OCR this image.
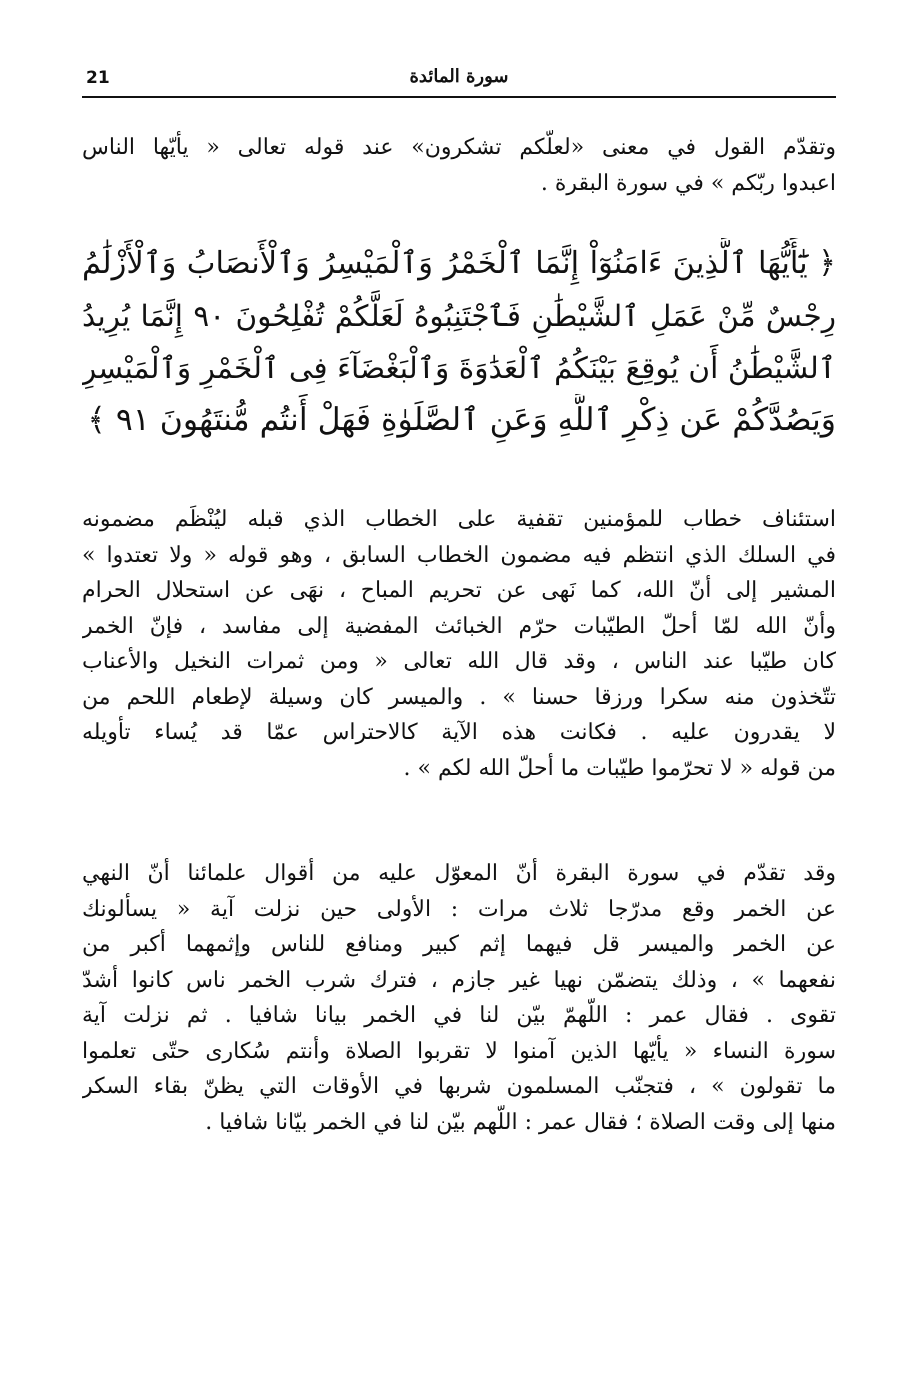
21	سورة المائدة
وتقدّم القول في معنى «لعلّكم تشكرون» عند قوله تعالى « يأيّها الناس
اعبدوا ربّكم » في سورة البقرة .
﴿ يَٰٓأَيُّهَا ٱلَّذِينَ ءَامَنُوٓاْ إِنَّمَا ٱلْخَمْرُ وَٱلْمَيْسِرُ وَٱلْأَنصَابُ وَٱلْأَزْلَٰمُ
رِجْسٌ مِّنْ عَمَلِ ٱلشَّيْطَٰنِ فَٱجْتَنِبُوهُ لَعَلَّكُمْ تُفْلِحُونَ ٩٠ إِنَّمَا يُرِيدُ
ٱلشَّيْطَٰنُ أَن يُوقِعَ بَيْنَكُمُ ٱلْعَدَٰوَةَ وَٱلْبَغْضَآءَ فِى ٱلْخَمْرِ وَٱلْمَيْسِرِ
وَيَصُدَّكُمْ عَن ذِكْرِ ٱللَّهِ وَعَنِ ٱلصَّلَوٰةِ فَهَلْ أَنتُم مُّنتَهُونَ ٩١ ﴾
استئناف خطاب للمؤمنين تقفية على الخطاب الذي قبله ليُنْظَم مضمونه
في السلك الذي انتظم فيه مضمون الخطاب السابق ، وهو قوله « ولا تعتدوا »
المشير إلى أنّ الله، كما نَهى عن تحريم المباح ، نهَى عن استحلال الحرام
وأنّ الله لمّا أحلّ الطيّبات حرّم الخبائث المفضية إلى مفاسد ، فإنّ الخمر
كان طيّبا عند الناس ، وقد قال الله تعالى « ومن ثمرات النخيل والأعناب
تتّخذون منه سكرا ورزقا حسنا » . والميسر كان وسيلة لإطعام اللحم من
لا يقدرون عليه . فكانت هذه الآية كالاحتراس عمّا قد يُساء تأويله
من قوله « لا تحرّموا طيّبات ما أحلّ الله لكم » .
وقد تقدّم في سورة البقرة أنّ المعوّل عليه من أقوال علمائنا أنّ النهي
عن الخمر وقع مدرّجا ثلاث مرات : الأولى حين نزلت آية « يسألونك
عن الخمر والميسر قل فيهما إثم كبير ومنافع للناس وإثمهما أكبر من
نفعهما » ، وذلك يتضمّن نهيا غير جازم ، فترك شرب الخمر ناس كانوا أشدّ
تقوى . فقال عمر : اللّهمّ بيّن لنا في الخمر بيانا شافيا . ثم نزلت آية
سورة النساء « يأيّها الذين آمنوا لا تقربوا الصلاة وأنتم سُكارى حتّى تعلموا
ما تقولون » ، فتجنّب المسلمون شربها في الأوقات التي يظنّ بقاء السكر
منها إلى وقت الصلاة ؛ فقال عمر : اللّهم بيّن لنا في الخمر بيّانا شافيا .
